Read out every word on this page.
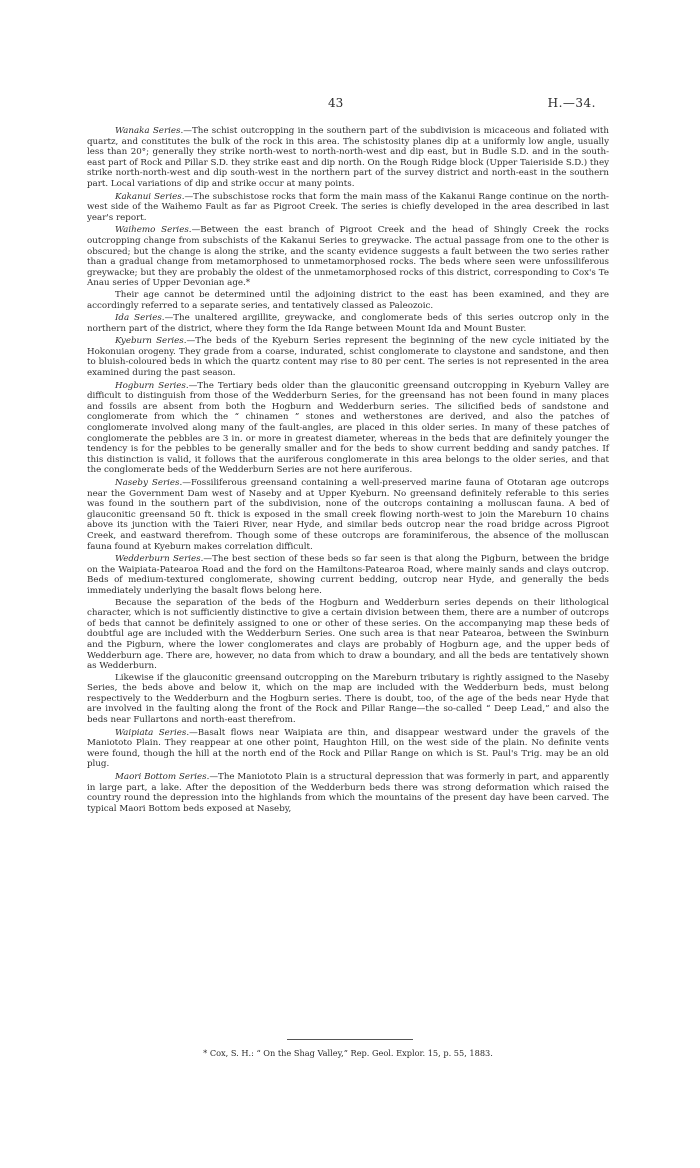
43	H.—34.

Wanaka Series.—The schist outcropping in the southern part of the subdivision is micaceous and foliated with quartz, and constitutes the bulk of the rock in this area. The schistosity planes dip at a uniformly low angle, usually less than 20°; generally they strike north-west to north-north-west and dip east, but in Budle S.D. and in the south-east part of Rock and Pillar S.D. they strike east and dip north. On the Rough Ridge block (Upper Taieriside S.D.) they strike north-north-west and dip south-west in the northern part of the survey district and north-east in the southern part. Local variations of dip and strike occur at many points.

Kakanui Series.—The subschistose rocks that form the main mass of the Kakanui Range continue on the north-west side of the Waihemo Fault as far as Pigroot Creek. The series is chiefly developed in the area described in last year's report.

Waihemo Series.—Between the east branch of Pigroot Creek and the head of Shingly Creek the rocks outcropping change from subschists of the Kakanui Series to greywacke. The actual passage from one to the other is obscured; but the change is along the strike, and the scanty evidence suggests a fault between the two series rather than a gradual change from metamorphosed to unmetamorphosed rocks. The beds where seen were unfossiliferous greywacke; but they are probably the oldest of the unmetamorphosed rocks of this district, corresponding to Cox's Te Anau series of Upper Devonian age.*

Their age cannot be determined until the adjoining district to the east has been examined, and they are accordingly referred to a separate series, and tentatively classed as Paleozoic.

Ida Series.—The unaltered argillite, greywacke, and conglomerate beds of this series outcrop only in the northern part of the district, where they form the Ida Range between Mount Ida and Mount Buster.

Kyeburn Series.—The beds of the Kyeburn Series represent the beginning of the new cycle initiated by the Hokonuian orogeny. They grade from a coarse, indurated, schist conglomerate to claystone and sandstone, and then to bluish-coloured beds in which the quartz content may rise to 80 per cent. The series is not represented in the area examined during the past season.

Hogburn Series.—The Tertiary beds older than the glauconitic greensand outcropping in Kyeburn Valley are difficult to distinguish from those of the Wedderburn Series, for the greensand has not been found in many places and fossils are absent from both the Hogburn and Wedderburn series. The silicified beds of sandstone and conglomerate from which the “ chinamen ” stones and wetherstones are derived, and also the patches of conglomerate involved along many of the fault-angles, are placed in this older series. In many of these patches of conglomerate the pebbles are 3 in. or more in greatest diameter, whereas in the beds that are definitely younger the tendency is for the pebbles to be generally smaller and for the beds to show current bedding and sandy patches. If this distinction is valid, it follows that the auriferous conglomerate in this area belongs to the older series, and that the conglomerate beds of the Wedderburn Series are not here auriferous.

Naseby Series.—Fossiliferous greensand containing a well-preserved marine fauna of Ototaran age outcrops near the Government Dam west of Naseby and at Upper Kyeburn. No greensand definitely referable to this series was found in the southern part of the subdivision, none of the outcrops containing a molluscan fauna. A bed of glauconitic greensand 50 ft. thick is exposed in the small creek flowing north-west to join the Mareburn 10 chains above its junction with the Taieri River, near Hyde, and similar beds outcrop near the road bridge across Pigroot Creek, and eastward therefrom. Though some of these outcrops are foraminiferous, the absence of the molluscan fauna found at Kyeburn makes correlation difficult.

Wedderburn Series.—The best section of these beds so far seen is that along the Pigburn, between the bridge on the Waipiata-Patearoa Road and the ford on the Hamiltons-Patearoa Road, where mainly sands and clays outcrop. Beds of medium-textured conglomerate, showing current bedding, outcrop near Hyde, and generally the beds immediately underlying the basalt flows belong here.

Because the separation of the beds of the Hogburn and Wedderburn series depends on their lithological character, which is not sufficiently distinctive to give a certain division between them, there are a number of outcrops of beds that cannot be definitely assigned to one or other of these series. On the accompanying map these beds of doubtful age are included with the Wedderburn Series. One such area is that near Patearoa, between the Swinburn and the Pigburn, where the lower conglomerates and clays are probably of Hogburn age, and the upper beds of Wedderburn age. There are, however, no data from which to draw a boundary, and all the beds are tentatively shown as Wedderburn.

Likewise if the glauconitic greensand outcropping on the Mareburn tributary is rightly assigned to the Naseby Series, the beds above and below it, which on the map are included with the Wedderburn beds, must belong respectively to the Wedderburn and the Hogburn series. There is doubt, too, of the age of the beds near Hyde that are involved in the faulting along the front of the Rock and Pillar Range—the so-called “ Deep Lead,” and also the beds near Fullartons and north-east therefrom.

Waipiata Series.—Basalt flows near Waipiata are thin, and disappear westward under the gravels of the Maniototo Plain. They reappear at one other point, Haughton Hill, on the west side of the plain. No definite vents were found, though the hill at the north end of the Rock and Pillar Range on which is St. Paul's Trig. may be an old plug.

Maori Bottom Series.—The Maniototo Plain is a structural depression that was formerly in part, and apparently in large part, a lake. After the deposition of the Wedderburn beds there was strong deformation which raised the country round the depression into the highlands from which the mountains of the present day have been carved. The typical Maori Bottom beds exposed at Naseby,

* Cox, S. H.: “ On the Shag Valley,” Rep. Geol. Explor. 15, p. 55, 1883.
